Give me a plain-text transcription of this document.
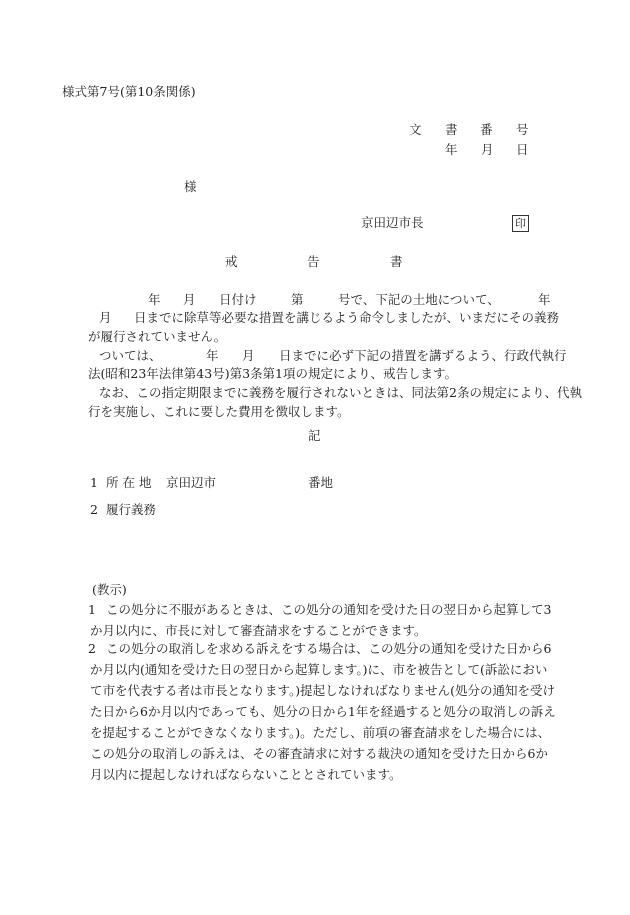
様式第7号(第10条関係)
文 書 番 号
年 月 日
様
京田辺市長	印
戒	告	書
年 月 日付け	第	号で、下記の土地について、	年
月 日までに除草等必要な措置を講じるよう命令しましたが、いまだにその義務
が履行されていません。
ついては、	年 月 日までに必ず下記の措置を講ずるよう、行政代執行
法(昭和23年法律第43号)第3条第1項の規定により、戒告します。
なお、この指定期限までに義務を履行されないときは、同法第2条の規定により、代執
行を実施し、これに要した費用を徴収します。
記
1 所 在 地 京田辺市	番地
2 履行義務
(教示)
1 この処分に不服があるときは、この処分の通知を受けた日の翌日から起算して3か月以内に、市長に対して審査請求をすることができます。
2 この処分の取消しを求める訴えをする場合は、この処分の通知を受けた日から6か月以内(通知を受けた日の翌日から起算します。)に、市を被告として(訴訟において市を代表する者は市長となります。)提起しなければなりません(処分の通知を受けた日から6か月以内であっても、処分の日から1年を経過すると処分の取消しの訴えを提起することができなくなります。)。ただし、前項の審査請求をした場合には、この処分の取消しの訴えは、その審査請求に対する裁決の通知を受けた日から6か月以内に提起しなければならないこととされています。
